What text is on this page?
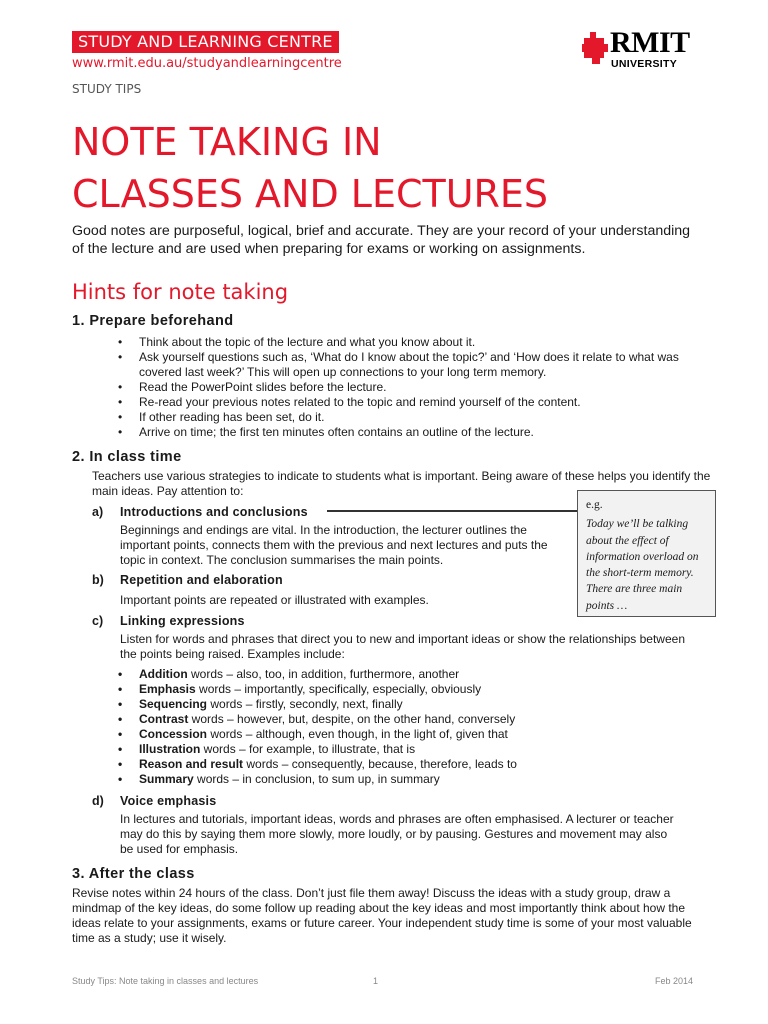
STUDY AND LEARNING CENTRE
www.rmit.edu.au/studyandlearningcentre
STUDY TIPS
RMIT
UNIVERSITY
NOTE TAKING IN
CLASSES AND LECTURES

Good notes are purposeful, logical, brief and accurate. They are your record of your understanding of the lecture and are used when preparing for exams or working on assignments.

Hints for note taking
1. Prepare beforehand
• Think about the topic of the lecture and what you know about it.
• Ask yourself questions such as, ‘What do I know about the topic?’ and ‘How does it relate to what was covered last week?’ This will open up connections to your long term memory.
• Read the PowerPoint slides before the lecture.
• Re-read your previous notes related to the topic and remind yourself of the content.
• If other reading has been set, do it.
• Arrive on time; the first ten minutes often contains an outline of the lecture.
2. In class time

Teachers use various strategies to indicate to students what is important. Being aware of these helps you identify the main ideas. Pay attention to:

a) Introductions and conclusions

Beginnings and endings are vital. In the introduction, the lecturer outlines the important points, connects them with the previous and next lectures and puts the topic in context. The conclusion summarises the main points.

e.g.
Today we’ll be talking about the effect of information overload on the short-term memory. There are three main points …
b) Repetition and elaboration

Important points are repeated or illustrated with examples.

c) Linking expressions

Listen for words and phrases that direct you to new and important ideas or show the relationships between the points being raised. Examples include:

• Addition words – also, too, in addition, furthermore, another
• Emphasis words – importantly, specifically, especially, obviously
• Sequencing words – firstly, secondly, next, finally
• Contrast words – however, but, despite, on the other hand, conversely
• Concession words – although, even though, in the light of, given that
• Illustration words – for example, to illustrate, that is
• Reason and result words – consequently, because, therefore, leads to
• Summary words – in conclusion, to sum up, in summary
d) Voice emphasis

In lectures and tutorials, important ideas, words and phrases are often emphasised. A lecturer or teacher may do this by saying them more slowly, more loudly, or by pausing. Gestures and movement may also be used for emphasis.

3. After the class

Revise notes within 24 hours of the class. Don’t just file them away! Discuss the ideas with a study group, draw a mindmap of the key ideas, do some follow up reading about the key ideas and most importantly think about how the ideas relate to your assignments, exams or future career. Your independent study time is some of your most valuable time as a study; use it wisely.

Study Tips: Note taking in classes and lectures	1	Feb 2014
